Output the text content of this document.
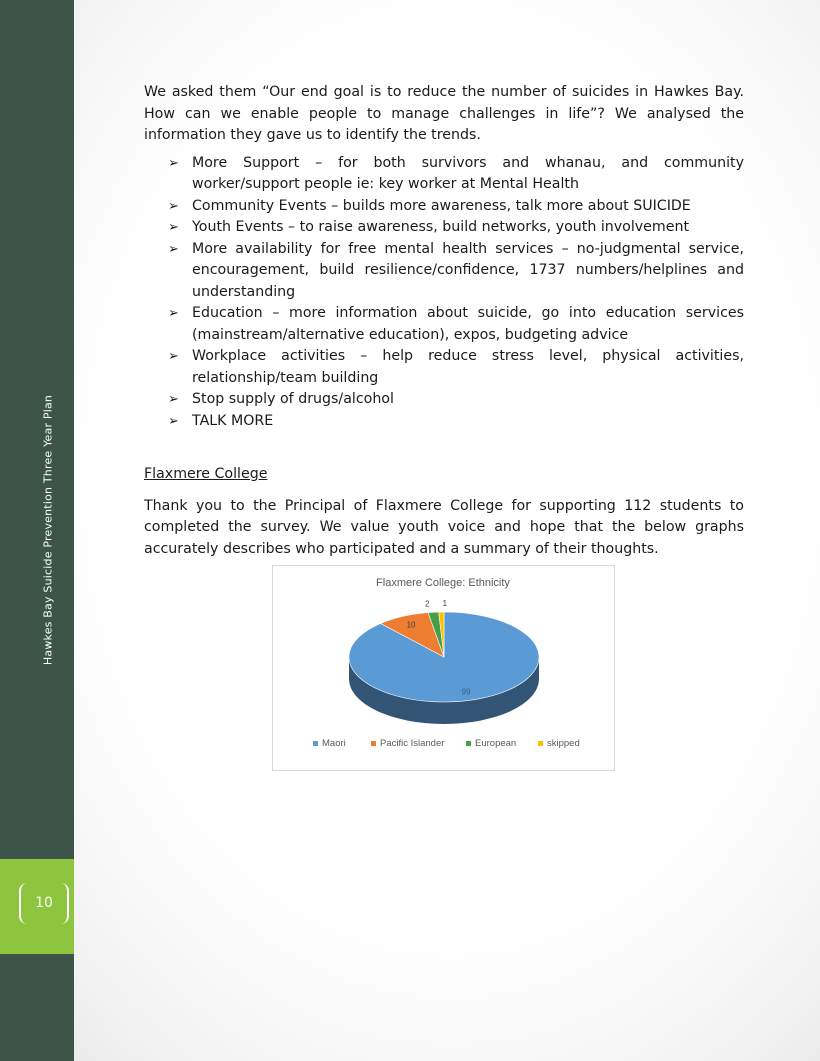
Hawkes Bay Suicide Prevention Three Year Plan
10

We asked them “Our end goal is to reduce the number of suicides in Hawkes Bay. How can we enable people to manage challenges in life”? We analysed the information they gave us to identify the trends.

➢ More Support – for both survivors and whanau, and community worker/support people ie: key worker at Mental Health
➢ Community Events – builds more awareness, talk more about SUICIDE
➢ Youth Events – to raise awareness, build networks, youth involvement
➢ More availability for free mental health services – no-judgmental service, encouragement, build resilience/confidence, 1737 numbers/helplines and understanding
➢ Education – more information about suicide, go into education services (mainstream/alternative education), expos, budgeting advice
➢ Workplace activities – help reduce stress level, physical activities, relationship/team building
➢ Stop supply of drugs/alcohol
➢ TALK MORE

Flaxmere College

Thank you to the Principal of Flaxmere College for supporting 112 students to completed the survey. We value youth voice and hope that the below graphs accurately describes who participated and a summary of their thoughts.

Flaxmere College: Ethnicity
99
10
2 1
Maori	Pacific Islander	European	skipped
